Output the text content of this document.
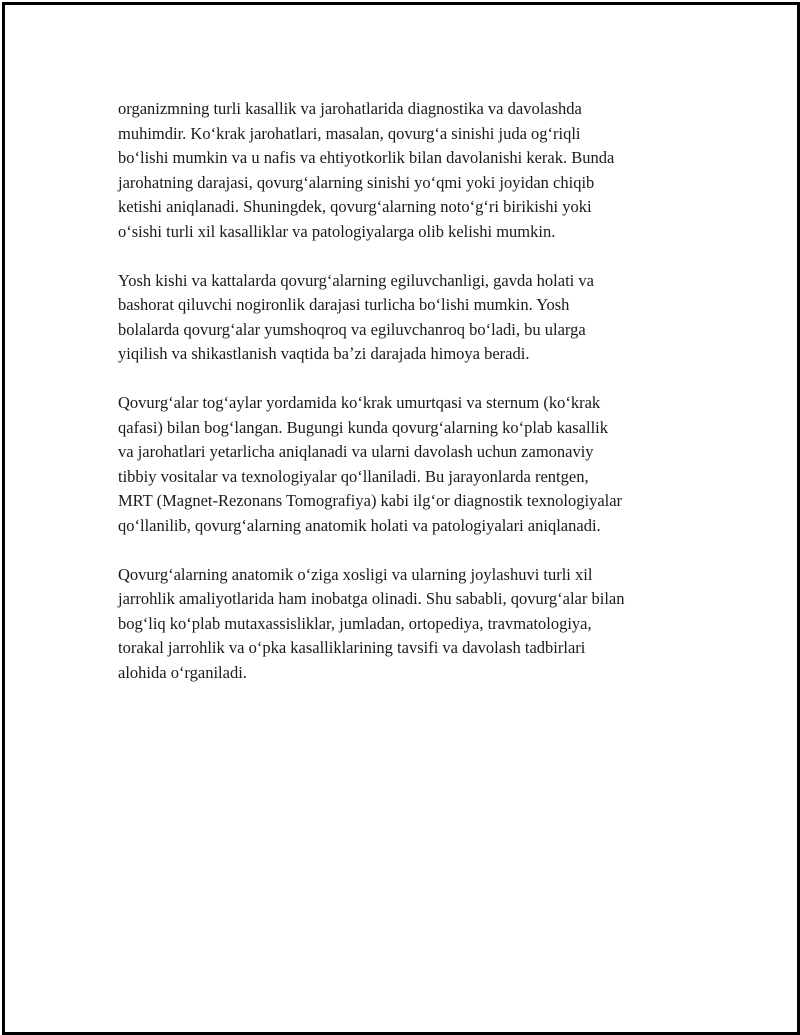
organizmning turli kasallik va jarohatlarida diagnostika va davolashda
muhimdir. Koʻkrak jarohatlari, masalan, qovurgʻa sinishi juda ogʻriqli
boʻlishi mumkin va u nafis va ehtiyotkorlik bilan davolanishi kerak. Bunda
jarohatning darajasi, qovurgʻalarning sinishi yoʻqmi yoki joyidan chiqib
ketishi aniqlanadi. Shuningdek, qovurgʻalarning notoʻgʻri birikishi yoki
oʻsishi turli xil kasalliklar va patologiyalarga olib kelishi mumkin.

Yosh kishi va kattalarda qovurgʻalarning egiluvchanligi, gavda holati va
bashorat qiluvchi nogironlik darajasi turlicha boʻlishi mumkin. Yosh
bolalarda qovurgʻalar yumshoqroq va egiluvchanroq boʻladi, bu ularga
yiqilish va shikastlanish vaqtida baʼzi darajada himoya beradi.

Qovurgʻalar togʻaylar yordamida koʻkrak umurtqasi va sternum (koʻkrak
qafasi) bilan bogʻlangan. Bugungi kunda qovurgʻalarning koʻplab kasallik
va jarohatlari yetarlicha aniqlanadi va ularni davolash uchun zamonaviy
tibbiy vositalar va texnologiyalar qoʻllaniladi. Bu jarayonlarda rentgen,
MRT (Magnet-Rezonans Tomografiya) kabi ilgʻor diagnostik texnologiyalar
qoʻllanilib, qovurgʻalarning anatomik holati va patologiyalari aniqlanadi.

Qovurgʻalarning anatomik oʻziga xosligi va ularning joylashuvi turli xil
jarrohlik amaliyotlarida ham inobatga olinadi. Shu sababli, qovurgʻalar bilan
bogʻliq koʻplab mutaxassisliklar, jumladan, ortopediya, travmatologiya,
torakal jarrohlik va oʻpka kasalliklarining tavsifi va davolash tadbirlari
alohida oʻrganiladi.
